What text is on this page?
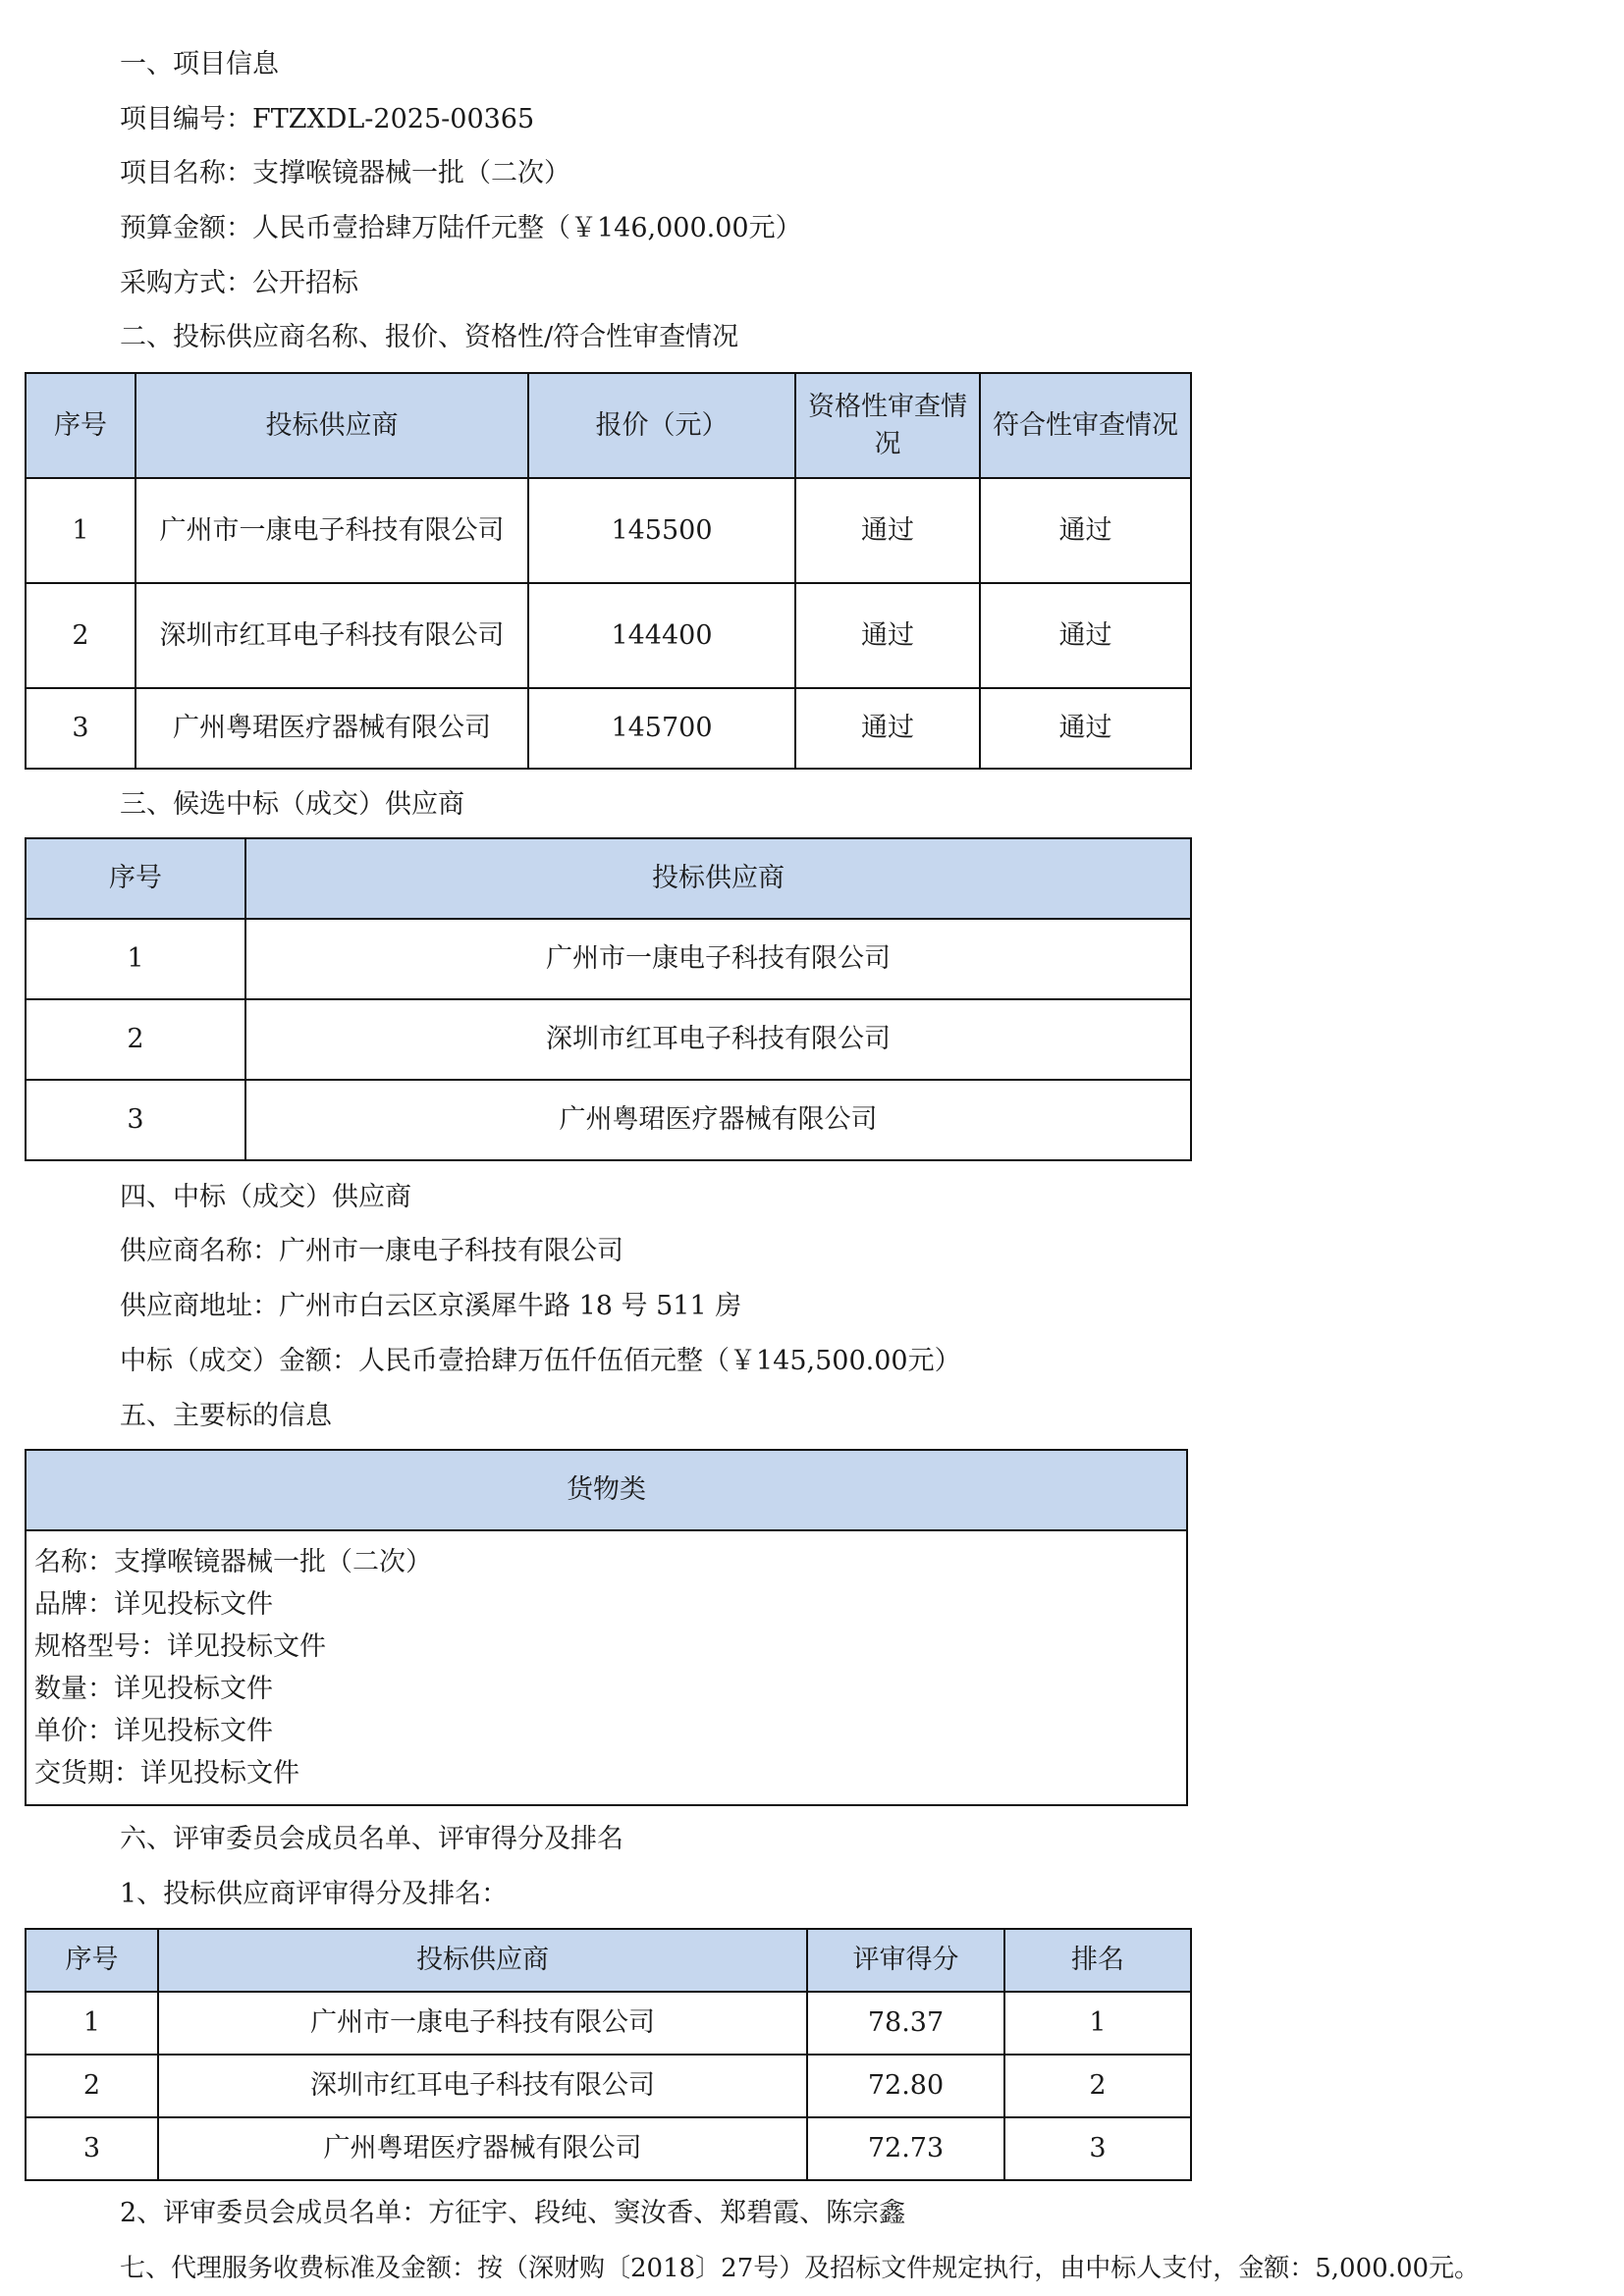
一、项目信息
项目编号：FTZXDL-2025-00365
项目名称：支撑喉镜器械一批（二次）
预算金额：人民币壹拾肆万陆仟元整（￥146,000.00元）
采购方式：公开招标
二、投标供应商名称、报价、资格性/符合性审查情况
序号	投标供应商	报价（元）	资格性审查情况	符合性审查情况
1	广州市一康电子科技有限公司	145500	通过	通过
2	深圳市红耳电子科技有限公司	144400	通过	通过
3	广州粤珺医疗器械有限公司	145700	通过	通过
三、候选中标（成交）供应商
序号	投标供应商
1	广州市一康电子科技有限公司
2	深圳市红耳电子科技有限公司
3	广州粤珺医疗器械有限公司
四、中标（成交）供应商
供应商名称：广州市一康电子科技有限公司
供应商地址：广州市白云区京溪犀牛路 18 号 511 房
中标（成交）金额：人民币壹拾肆万伍仟伍佰元整（￥145,500.00元）
五、主要标的信息
货物类

名称：支撑喉镜器械一批（二次）
品牌：详见投标文件
规格型号：详见投标文件
数量：详见投标文件
单价：详见投标文件
交货期：详见投标文件
六、评审委员会成员名单、评审得分及排名
1、投标供应商评审得分及排名：
序号	投标供应商	评审得分	排名
1	广州市一康电子科技有限公司	78.37	1
2	深圳市红耳电子科技有限公司	72.80	2
3	广州粤珺医疗器械有限公司	72.73	3
2、评审委员会成员名单：方征宇、段纯、窦汝香、郑碧霞、陈宗鑫
七、代理服务收费标准及金额：按（深财购〔2018〕27号）及招标文件规定执行，由中标人支付，金额：5,000.00元。
